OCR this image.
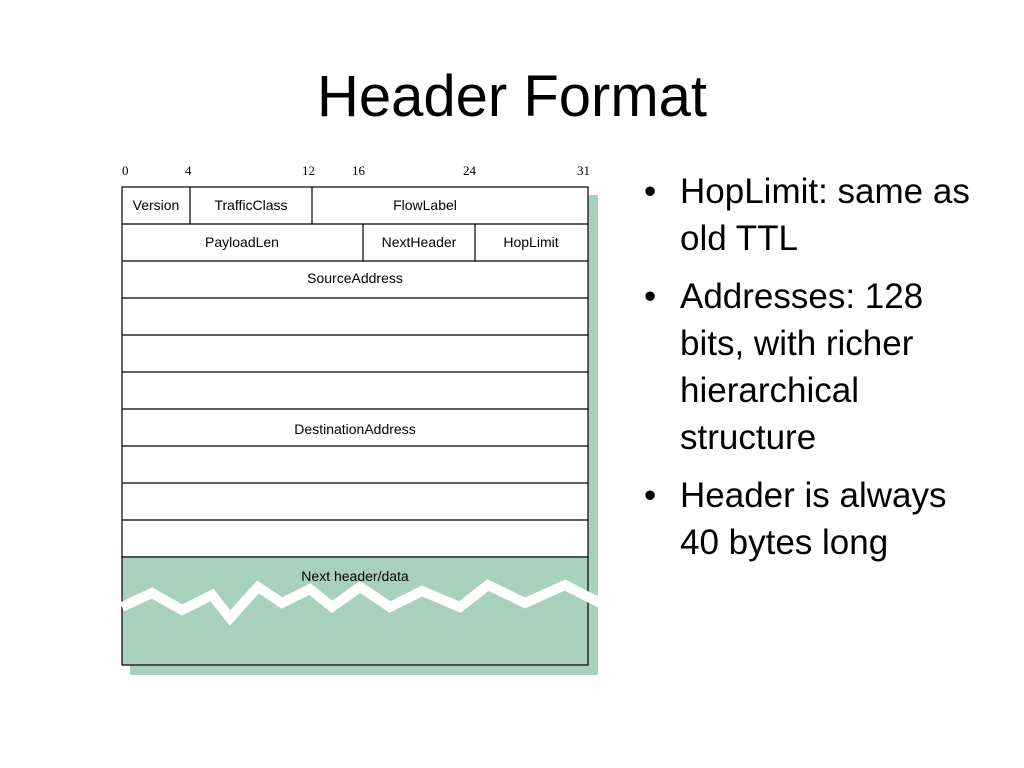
Header Format
0	4	12	16	24	31
Version	TrafficClass	FlowLabel
PayloadLen	NextHeader	HopLimit
SourceAddress
DestinationAddress
Next header/data
• HopLimit: same as old TTL
• Addresses: 128 bits, with richer hierarchical structure
• Header is always 40 bytes long
